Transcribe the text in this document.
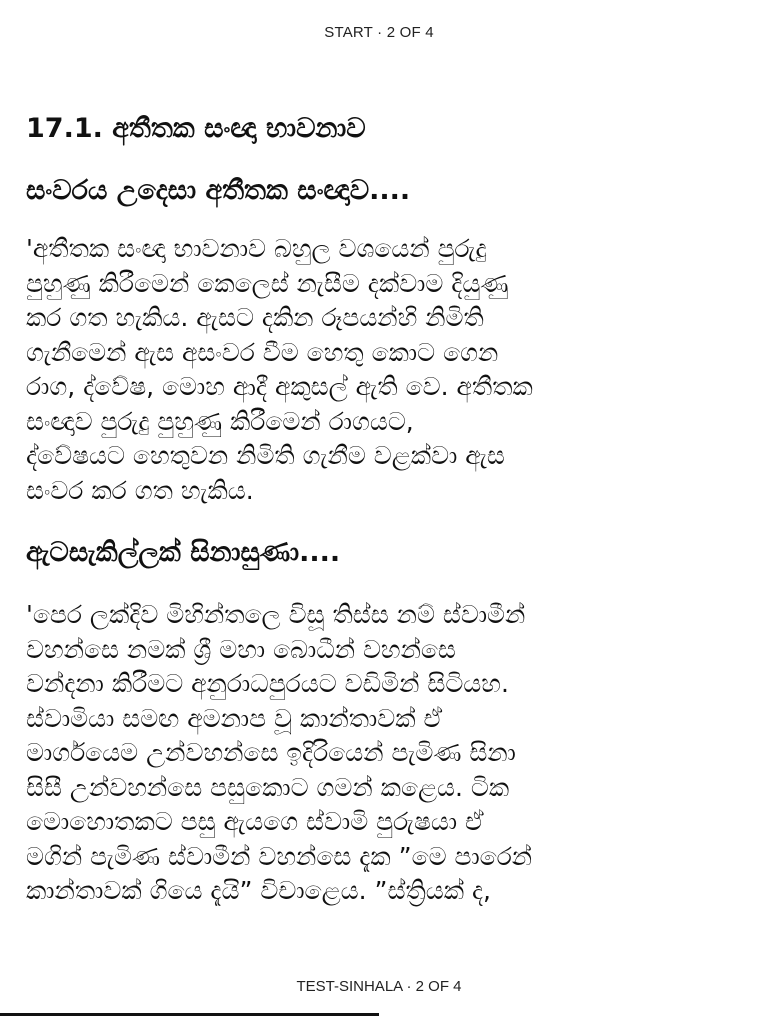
START · 2 OF 4
17.1. අතීතක සංඥා භාවනාව
සංවරය උදෙසා අතීතක සංඥාව....
'අතීතක සංඥා භාවනාව බහුල වශයෙන් පුරුදු
පුහුණු කිරීමෙන් කෙලෙස් නැසීම දක්වාම දියුණු
කර ගත හැකිය. ඇසට දකින රූපයන්හි නිමිති
ගැනීමෙන් ඇස අසංවර වීම හෙතු කොට ගෙන
රාග, ද්වේෂ, මොහ ආදී අකුසල් ඇති වෙ. අතීතක
සංඥාව පුරුදු පුහුණු කිරීමෙන් රාගයට,
ද්වේෂයට හෙතුවන නිමිති ගැනීම වළක්වා ඇස
සංවර කර ගත හැකිය.
ඇටසැකිල්ලක් සිනාසුණා....
'පෙර ලක්දිව මිහින්තලෙ විසූ තිස්ස නම් ස්වාමීන්
වහන්සෙ නමක් ශ්‍රී මහා බොධීන් වහන්සෙ
වන්දනා කිරීමට අනුරාධපුරයට වඩිමින් සිටියහ.
ස්වාමියා සමඟ අමනාප වූ කාන්තාවක් ඒ
මාර්ගයෙම උන්වහන්සෙ ඉදිරියෙන් පැමිණ සිනා
සිසී උන්වහන්සෙ පසුකොට ගමන් කළෙය. ටික
මොහොතකට පසු ඇයගෙ ස්වාමි පුරුෂයා ඒ
මගින් පැමිණ ස්වාමීන් වහන්සෙ දැක ”මෙ පාරෙන්
කාන්තාවක් ගියෙ දැයි” විචාළෙය. ”ස්ත්‍රියක් ද,
TEST-SINHALA · 2 OF 4
